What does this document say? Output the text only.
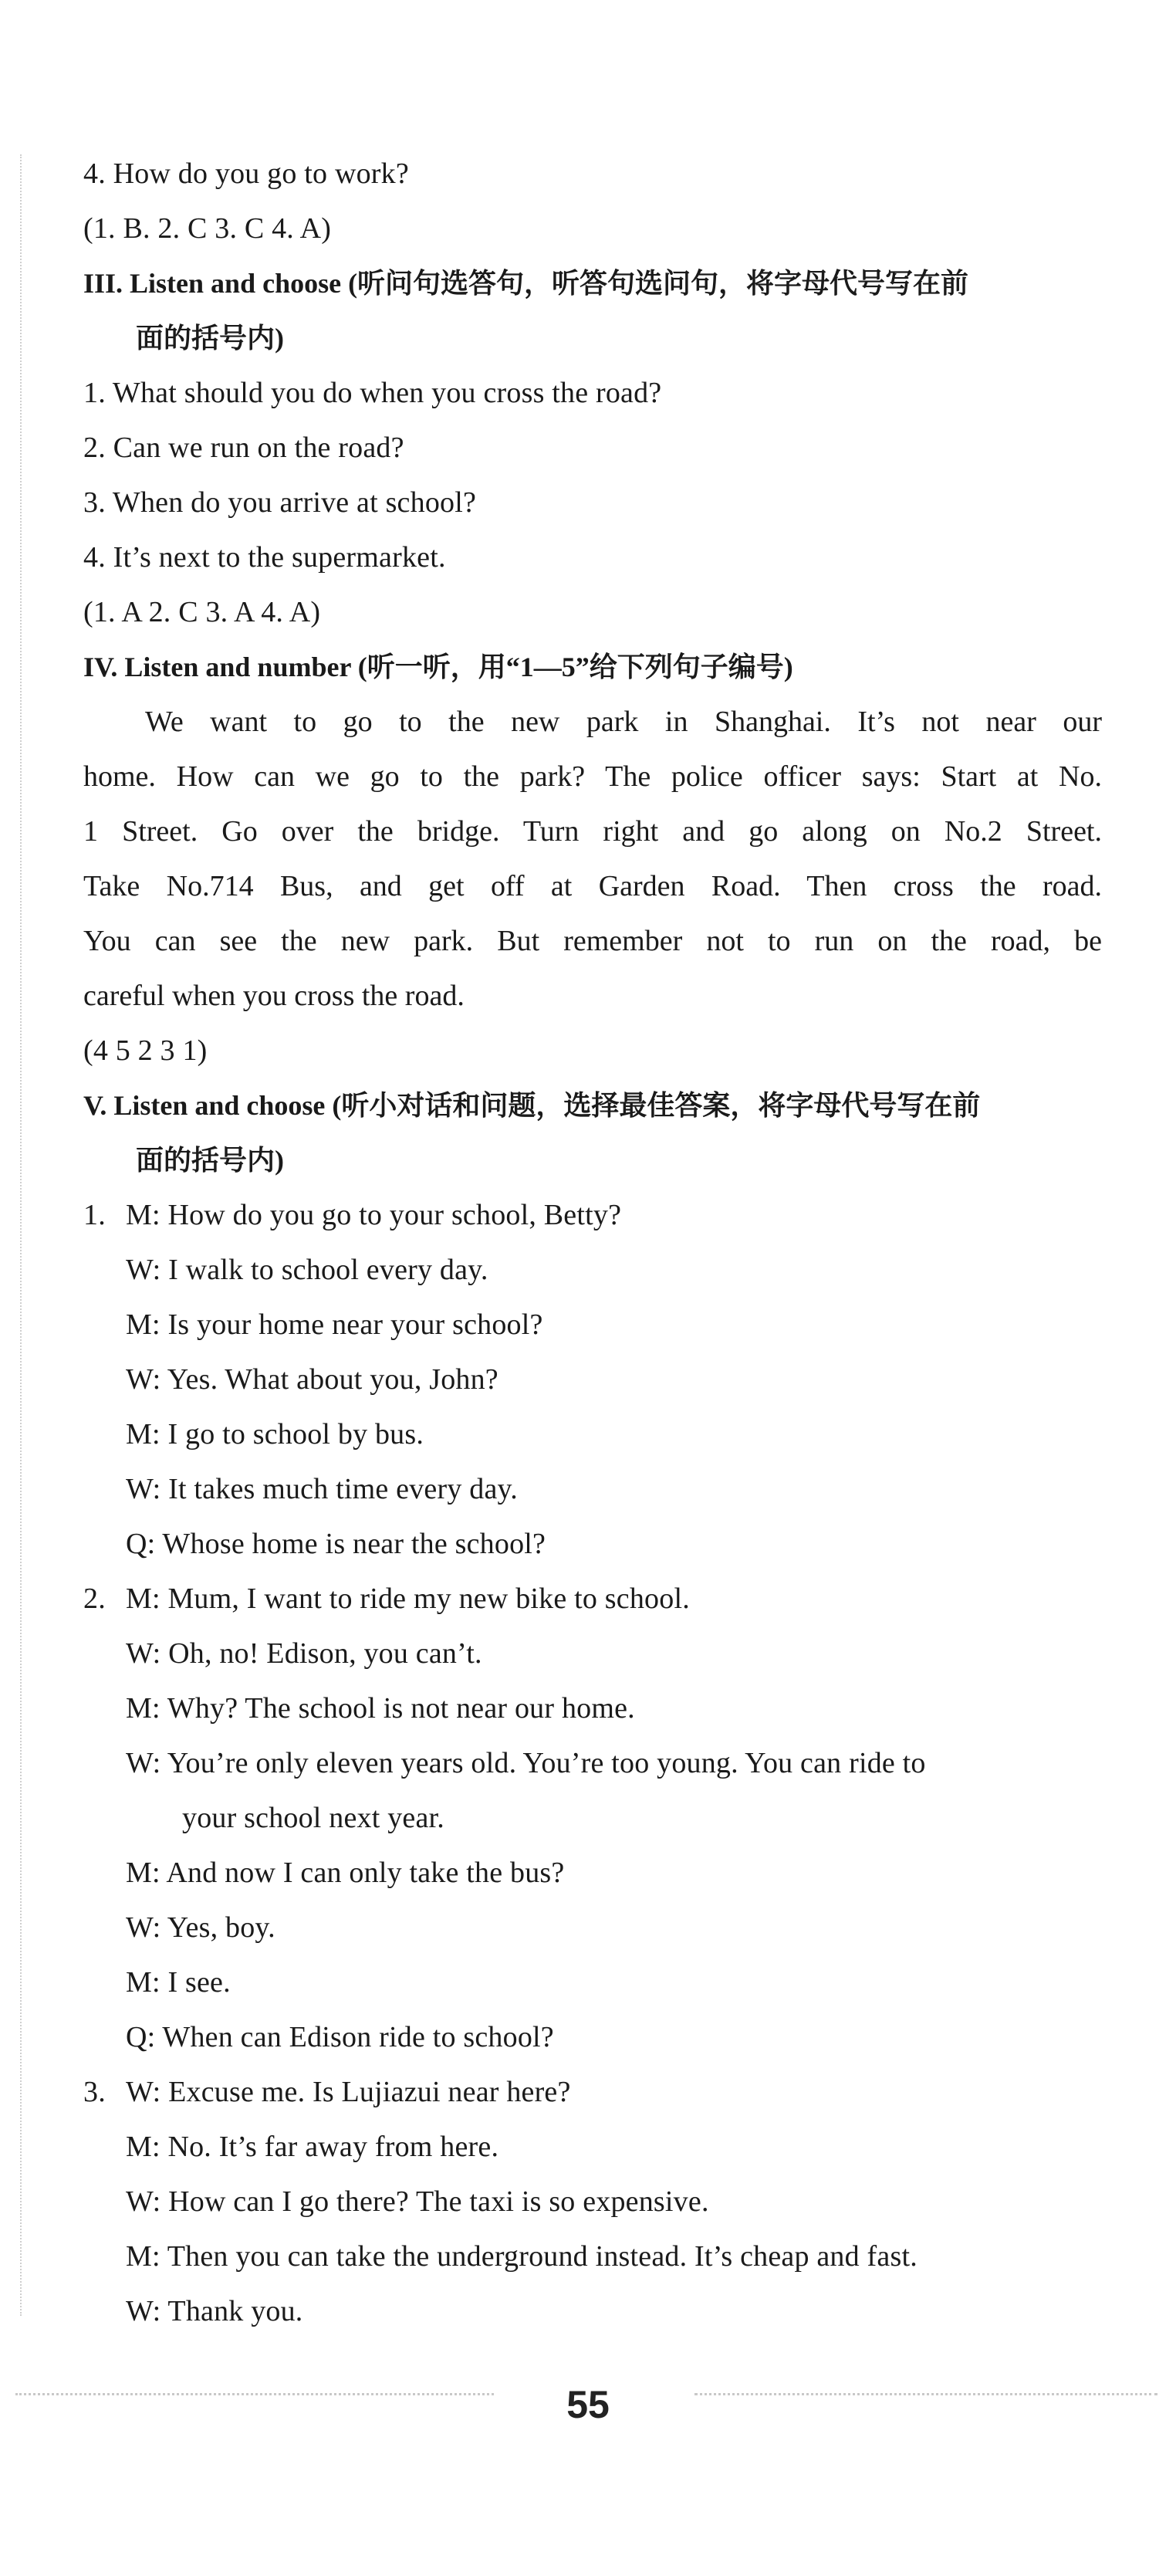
4. How do you go to work?
(1. B. 2. C 3. C 4. A)
III. Listen and choose (听问句选答句，听答句选问句，将字母代号写在前
面的括号内)
1. What should you do when you cross the road?
2. Can we run on the road?
3. When do you arrive at school?
4. It’s next to the supermarket.
(1. A 2. C 3. A 4. A)
IV. Listen and number (听一听，用“1—5”给下列句子编号)
We want to go to the new park in Shanghai. It’s not near our
home. How can we go to the park? The police officer says: Start at No.
1 Street. Go over the bridge. Turn right and go along on No.2 Street.
Take No.714 Bus, and get off at Garden Road. Then cross the road.
You can see the new park. But remember not to run on the road, be
careful when you cross the road.
(4 5 2 3 1)
V. Listen and choose (听小对话和问题，选择最佳答案，将字母代号写在前
面的括号内)
1. M: How do you go to your school, Betty?
W: I walk to school every day.
M: Is your home near your school?
W: Yes. What about you, John?
M: I go to school by bus.
W: It takes much time every day.
Q: Whose home is near the school?
2. M: Mum, I want to ride my new bike to school.
W: Oh, no! Edison, you can’t.
M: Why? The school is not near our home.
W: You’re only eleven years old. You’re too young. You can ride to
your school next year.
M: And now I can only take the bus?
W: Yes, boy.
M: I see.
Q: When can Edison ride to school?
3. W: Excuse me. Is Lujiazui near here?
M: No. It’s far away from here.
W: How can I go there? The taxi is so expensive.
M: Then you can take the underground instead. It’s cheap and fast.
W: Thank you.
55
